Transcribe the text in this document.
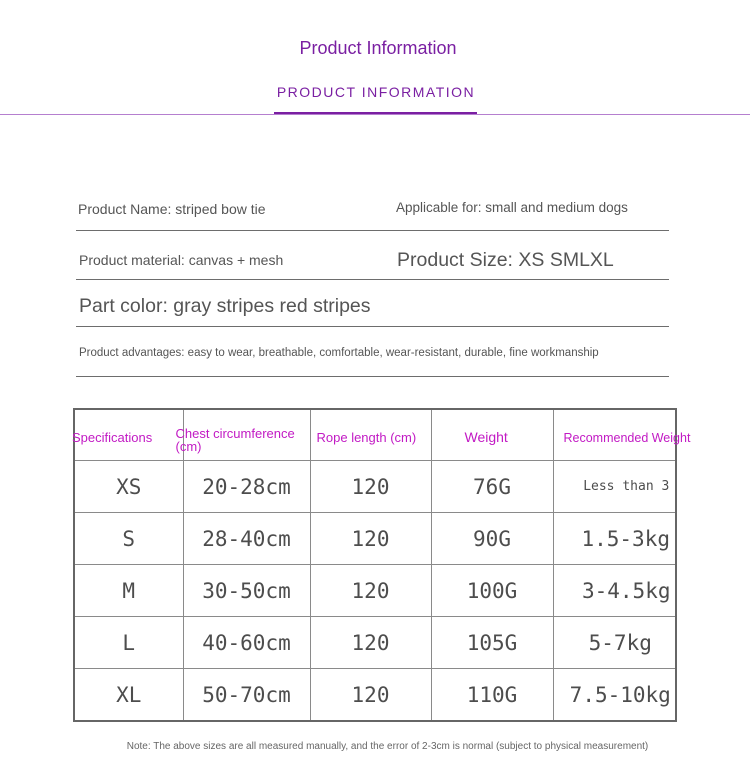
Product Information
PRODUCT INFORMATION
Product Name: striped bow tie	Applicable for: small and medium dogs
Product material: canvas + mesh	Product Size: XS SMLXL
Part color: gray stripes red stripes
Product advantages: easy to wear, breathable, comfortable, wear-resistant, durable, fine workmanship
Specifications	Chest circumference (cm)	Rope length (cm)	Weight	Recommended Weight

XS	20-28cm	120	76G	Less than 3
S	28-40cm	120	90G	1.5-3kg
M	30-50cm	120	100G	3-4.5kg
L	40-60cm	120	105G	5-7kg
XL	50-70cm	120	110G	7.5-10kg
Note: The above sizes are all measured manually, and the error of 2-3cm is normal (subject to physical measurement)
